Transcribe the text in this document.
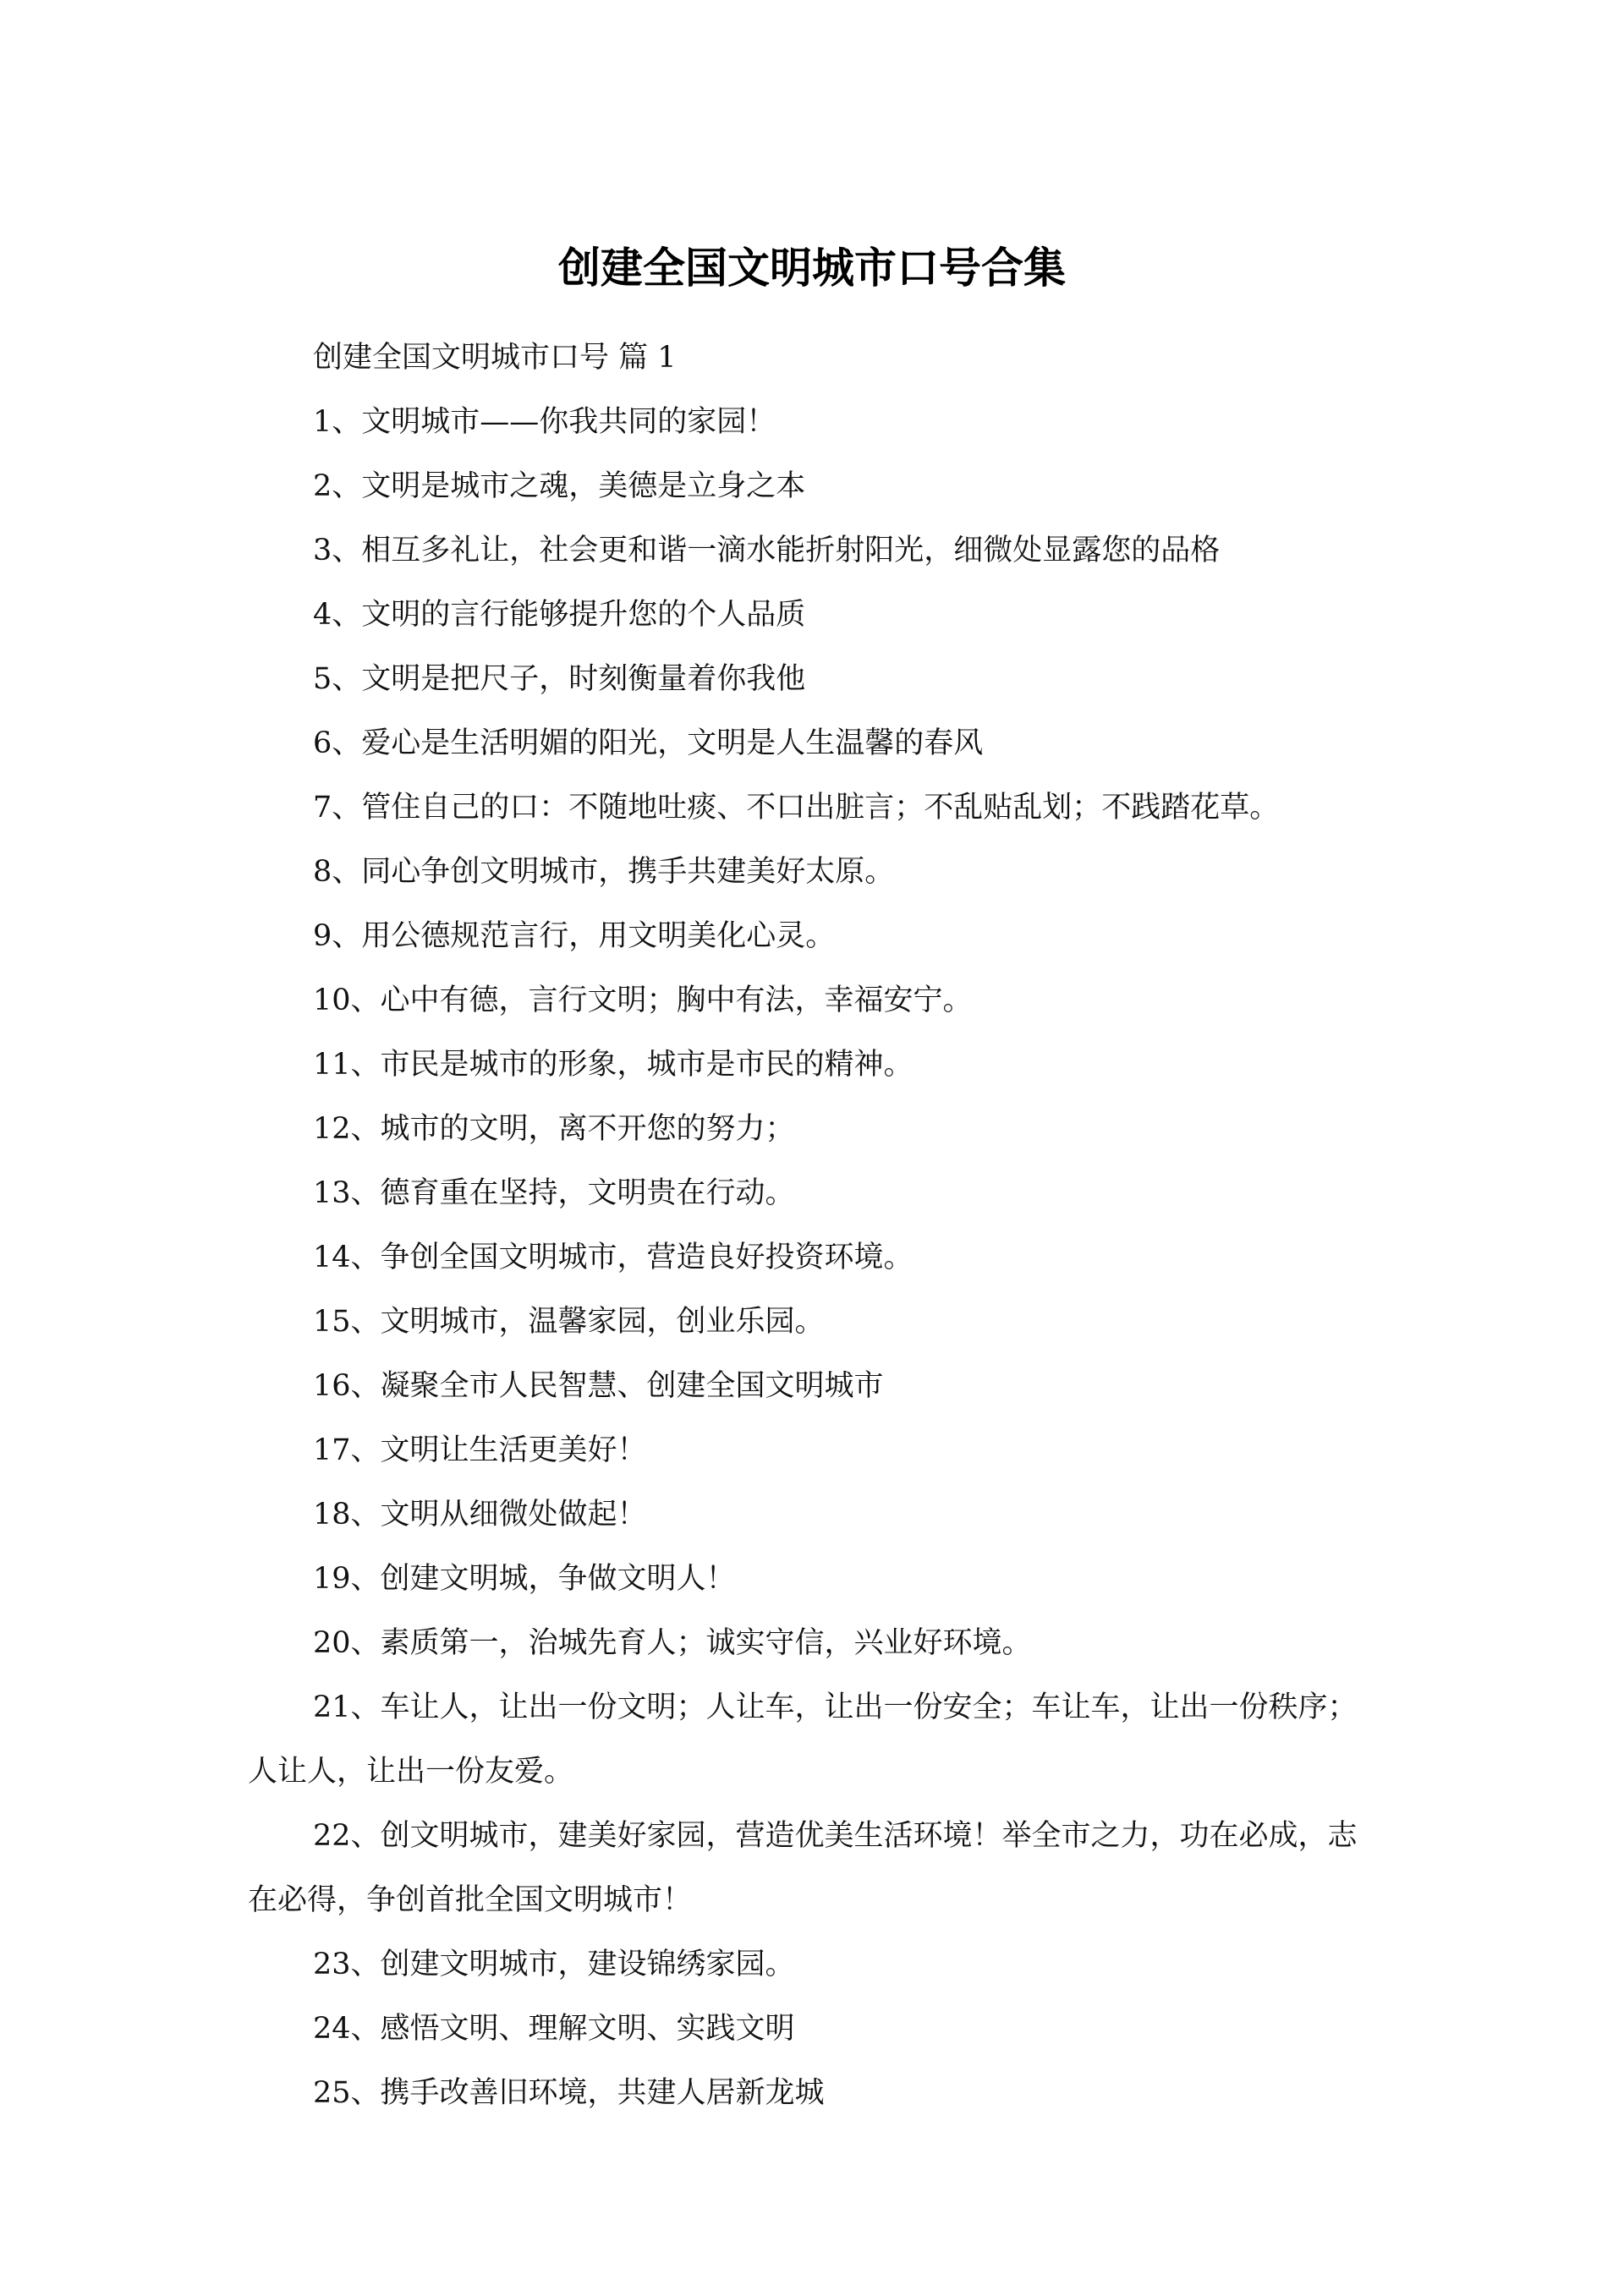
创建全国文明城市口号合集

创建全国文明城市口号 篇 1

1、文明城市——你我共同的家园！

2、文明是城市之魂，美德是立身之本

3、相互多礼让，社会更和谐一滴水能折射阳光，细微处显露您的品格

4、文明的言行能够提升您的个人品质

5、文明是把尺子，时刻衡量着你我他

6、爱心是生活明媚的阳光，文明是人生温馨的春风

7、管住自己的口：不随地吐痰、不口出脏言；不乱贴乱划；不践踏花草。

8、同心争创文明城市，携手共建美好太原。

9、用公德规范言行，用文明美化心灵。

10、心中有德，言行文明；胸中有法，幸福安宁。

11、市民是城市的形象，城市是市民的精神。

12、城市的文明，离不开您的努力；

13、德育重在坚持，文明贵在行动。

14、争创全国文明城市，营造良好投资环境。

15、文明城市，温馨家园，创业乐园。

16、凝聚全市人民智慧、创建全国文明城市

17、文明让生活更美好！

18、文明从细微处做起！

19、创建文明城，争做文明人！

20、素质第一，治城先育人；诚实守信，兴业好环境。

21、车让人，让出一份文明；人让车，让出一份安全；车让车，让出一份秩序；人让人，让出一份友爱。

22、创文明城市，建美好家园，营造优美生活环境！举全市之力，功在必成，志在必得，争创首批全国文明城市！

23、创建文明城市，建设锦绣家园。

24、感悟文明、理解文明、实践文明

25、携手改善旧环境，共建人居新龙城
